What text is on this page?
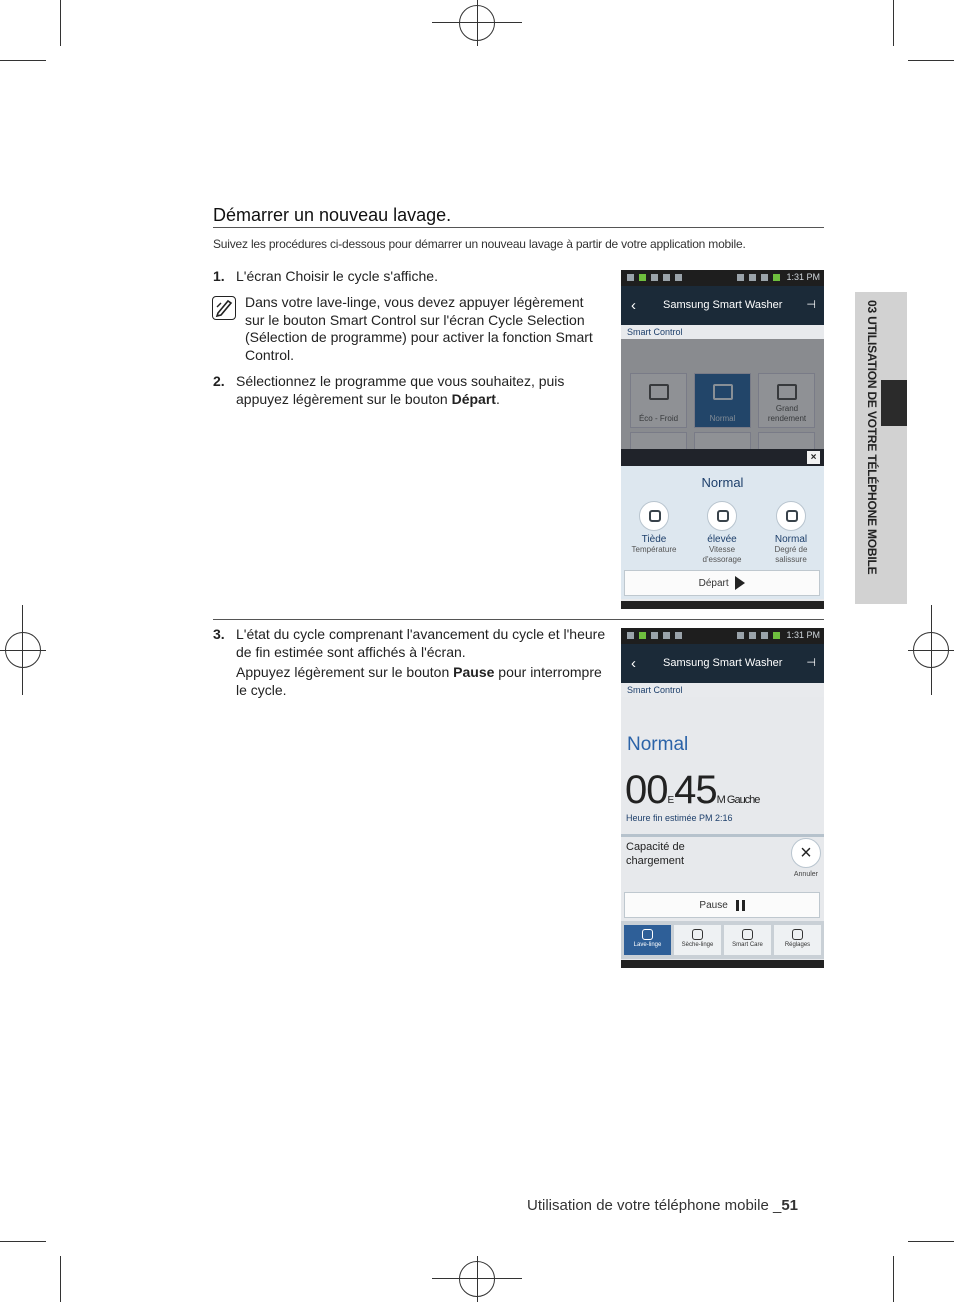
03 UTILISATION DE VOTRE TÉLÉPHONE MOBILE
Démarrer un nouveau lavage.
Suivez les procédures ci-dessous pour démarrer un nouveau lavage à partir de votre application mobile.
1. L'écran Choisir le cycle s'affiche.
Dans votre lave-linge, vous devez appuyer légèrement sur le bouton Smart Control sur l'écran Cycle Selection (Sélection de programme) pour activer la fonction Smart Control.
2. Sélectionnez le programme que vous souhaitez, puis appuyez légèrement sur le bouton Départ.
3. L'état du cycle comprenant l'avancement du cycle et l'heure de fin estimée sont affichés à l'écran.

Appuyez légèrement sur le bouton Pause pour interrompre le cycle.
1:31 PM
‹ Samsung Smart Washer ⊣
Smart Control
Éco - Froid	Normal
Grand rendement
×
Normal
Tiède
Température
élevée
Vitesse d'essorage
Normal
Degré de salissure
Départ
1:31 PM
‹ Samsung Smart Washer ⊣
Smart Control
Normal
00E45M Gauche
Heure fin estimée PM 2:16
Capacité de
chargement	×
Annuler
Pause
Lave-linge	Sèche-linge	Smart Care	Réglages
Utilisation de votre téléphone mobile _51
